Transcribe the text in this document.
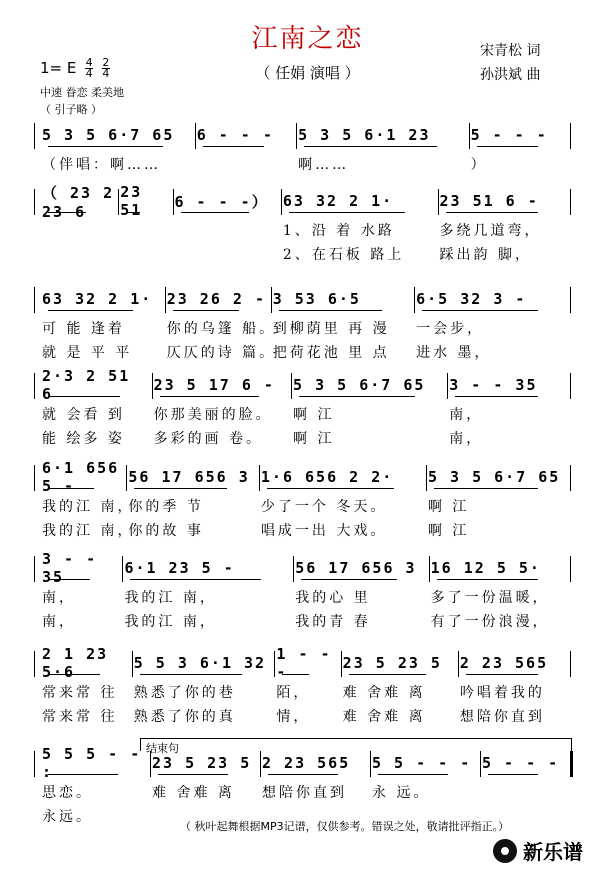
江南之恋
（ 任娟 演唱 ）
宋青松 词
孙洪斌 曲
1= E $\frac{4}{4}$
$\frac{2}{4}$
中速 眷恋 柔美地
（ 引子略 ）
5 3 5 6·7 65
（伴唱：啊……
6 - - -	5 3 5 6·1 23
啊……
5 - - -
）
（ 23 2 23 6
23 51	6 - - -） 63 32 2 1·
1、沿 着 水路
2、在石板 路上
23 51 6 -
多绕几道弯，
踩出韵 脚，
63 32 2 1·
可 能 逢着
就 是 平 平
23 26 2 -
你的乌篷 船。
仄仄的诗 篇。
3 53 6·5
到柳荫里 再 漫
把荷花池 里 点
6·5 32 3 -
一会步，
进水 墨，
2·3 2 51 6
就 会看 到
能 绘多 姿
23 5 17 6 -
你那美丽的脸。
多彩的画 卷。
5 3 5 6·7 65
啊 江
啊 江
3 - - 35
南，
南，
6·1 656 5 -
我的江 南，
我的江 南，
56 17 656 3
你的季 节
你的故 事
1·6 656 2 2·
少了一个 冬天。
唱成一出 大戏。
5 3 5 6·7 65
啊 江
啊 江
3 - - 35
南，
南，
6·1 23 5 -
我的江 南，
我的江 南，
56 17 656 3
我的心 里
我的青 春
16 12 5 5·
多了一份温暖，
有了一份浪漫，
2 1 23 5·6
常来常 往
常来常 往
5 5 3 6·1 32
熟悉了你的巷
熟悉了你的真
1 - - -
陌，
情，
23 5 23 5
难 舍难 离
难 舍难 离
2 23 565
吟唱着我的
想陪你直到
5 5 5 - - :
思恋。
永远。
23 5 23 5
难 舍难 离
2 23 565
想陪你直到
5 5 - - -
永 远。
5 - - -
结束句
（ 秋叶起舞根据MP3记谱，仅供参考。错误之处，敬请批评指正。）
新乐谱
